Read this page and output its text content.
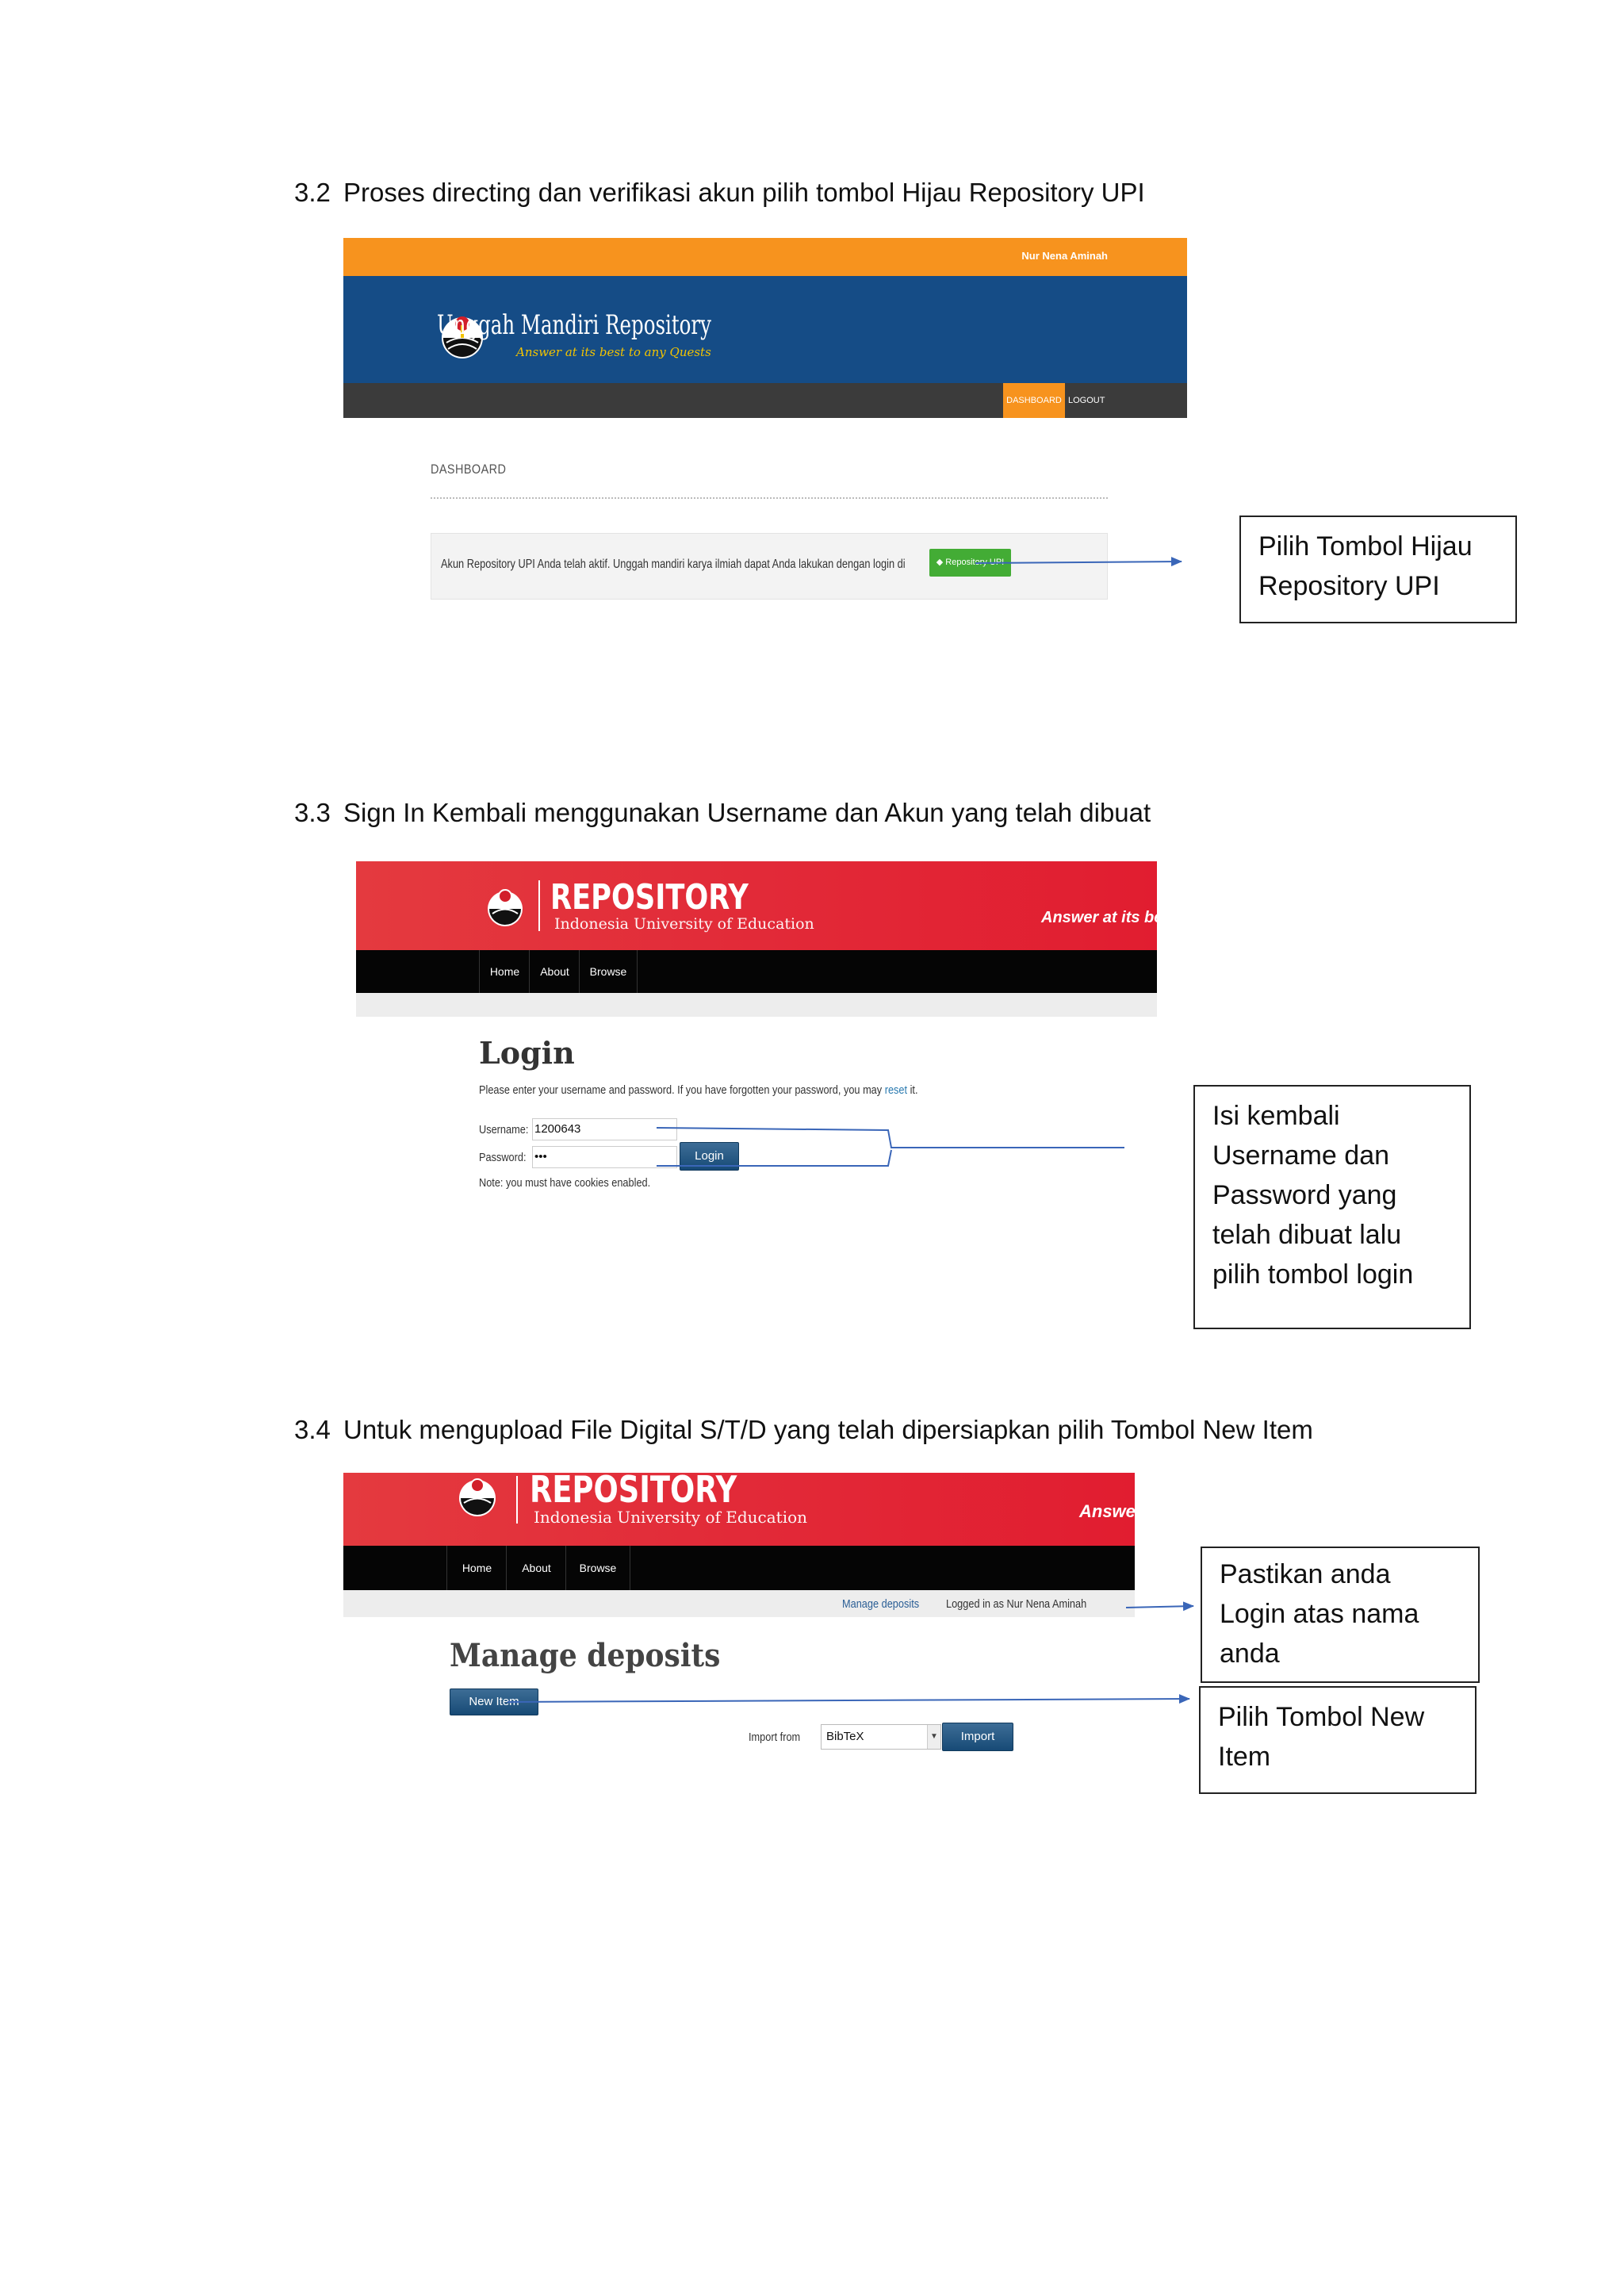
3.2 Proses directing dan verifikasi akun pilih tombol Hijau Repository UPI
Nur Nena Aminah
Unggah Mandiri Repository
Answer at its best to any Quests
DASHBOARD LOGOUT
DASHBOARD
Akun Repository UPI Anda telah aktif. Unggah mandiri karya ilmiah dapat Anda lakukan dengan login di	◆ Repository UPI
Pilih Tombol Hijau
Repository UPI
3.3 Sign In Kembali menggunakan Username dan Akun yang telah dibuat
REPOSITORY
Indonesia University of Education	Answer at its best
Home	About	Browse
Login
Please enter your username and password. If you have forgotten your password, you may reset it.
Username: 1200643
Password: •••	Login
Note: you must have cookies enabled.
Isi kembali
Username dan
Password yang
telah dibuat lalu
pilih tombol login
3.4 Untuk mengupload File Digital S/T/D yang telah dipersiapkan pilih Tombol New Item
REPOSITORY
Indonesia University of Education	Answer
Home	About	Browse
Manage deposits Logged in as Nur Nena Aminah
Manage deposits
New Item
Import from	BibTeX	▼	Import
Pastikan anda
Login atas nama
anda
Pilih Tombol New
Item
